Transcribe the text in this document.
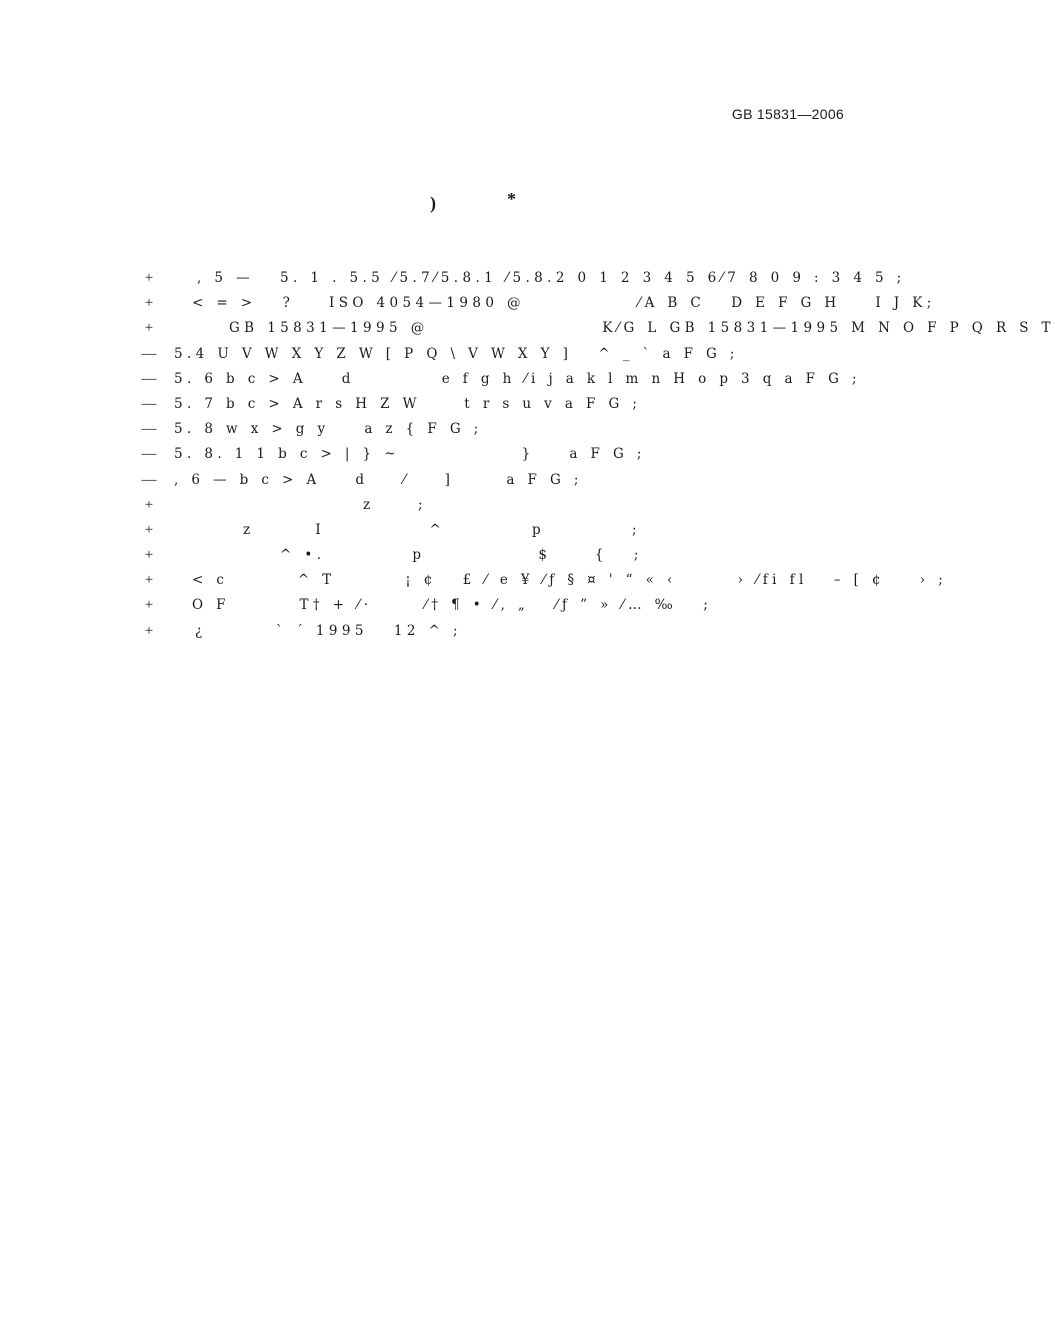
GB 15831—2006
)	*
+	, 5 —   5. 1 . 5.5 ⁄5.7⁄5.8.1 ⁄5.8.2 0 1 2 3 4 5 6⁄7 8 0 9 : 3 4 5 ;
+	< = >   ?    ISO 4054—1980 @             ⁄A B C   D E F G H    I J K;
+	GB 15831—1995 @                    K⁄G L GB 15831—1995 M N O F P Q R S T
— 5.4 U V W X Y Z W [ P Q \ V W X Y ]   ^ _ ` a F G ;
— 5. 6 b c > A    d          e f g h ⁄i j a k l m n H o p 3 q a F G ;
— 5. 7 b c > A r s H Z W     t r s u v a F G ;
— 5. 8 w x > g y    a z { F G ;
— 5. 8. 1 1 b c > | } ~              }    a F G ;
— , 6 — b c > A    d    ⁄    ]      a F G ;
+	z     ;
+	z       I            ^          p          ;
+	^ •.          p             $     {   ;
+	< c        ^ T        ¡ ¢   £ ⁄ e ¥ ⁄ƒ § ¤ ' “ « ‹       › ⁄fi fl   – [ ¢    › ;
+	O F        T† + ⁄·      ⁄† ¶ • ⁄‚ „   ⁄ƒ ” » ⁄… ‰   ;
+	¿        ` ´ 1995   12 ^ ;
